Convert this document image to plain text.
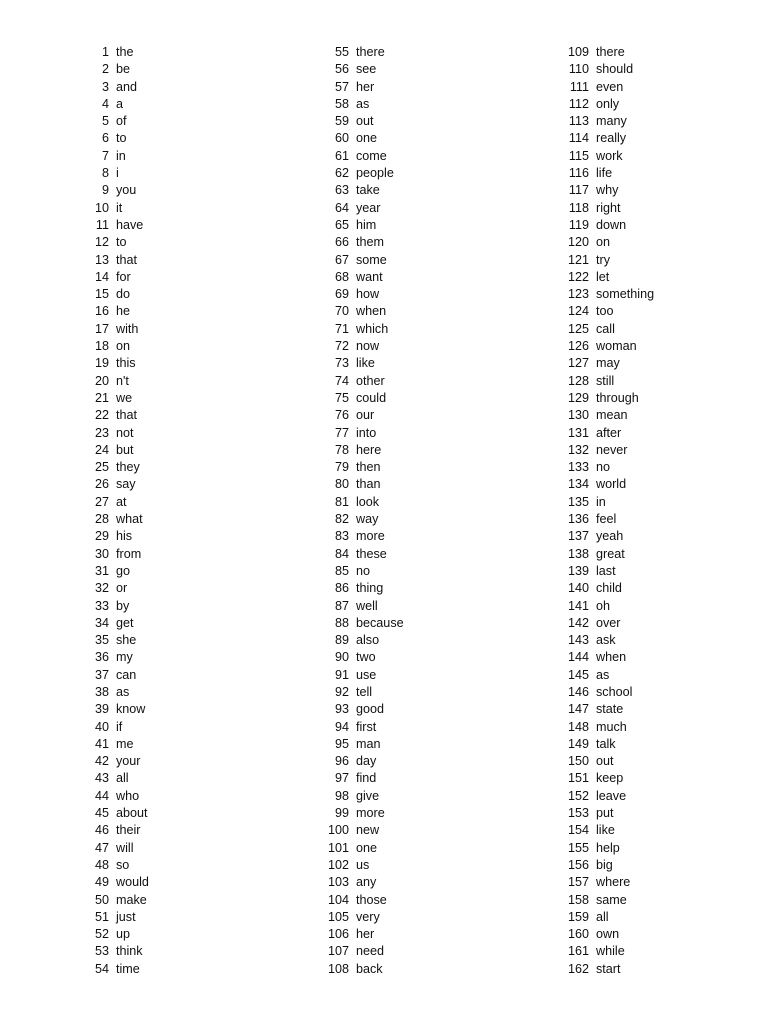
1 the
2 be
3 and
4 a
5 of
6 to
7 in
8 i
9 you
10 it
11 have
12 to
13 that
14 for
15 do
16 he
17 with
18 on
19 this
20 n't
21 we
22 that
23 not
24 but
25 they
26 say
27 at
28 what
29 his
30 from
31 go
32 or
33 by
34 get
35 she
36 my
37 can
38 as
39 know
40 if
41 me
42 your
43 all
44 who
45 about
46 their
47 will
48 so
49 would
50 make
51 just
52 up
53 think
54 time
55 there
56 see
57 her
58 as
59 out
60 one
61 come
62 people
63 take
64 year
65 him
66 them
67 some
68 want
69 how
70 when
71 which
72 now
73 like
74 other
75 could
76 our
77 into
78 here
79 then
80 than
81 look
82 way
83 more
84 these
85 no
86 thing
87 well
88 because
89 also
90 two
91 use
92 tell
93 good
94 first
95 man
96 day
97 find
98 give
99 more
100 new
101 one
102 us
103 any
104 those
105 very
106 her
107 need
108 back
109 there
110 should
111 even
112 only
113 many
114 really
115 work
116 life
117 why
118 right
119 down
120 on
121 try
122 let
123 something
124 too
125 call
126 woman
127 may
128 still
129 through
130 mean
131 after
132 never
133 no
134 world
135 in
136 feel
137 yeah
138 great
139 last
140 child
141 oh
142 over
143 ask
144 when
145 as
146 school
147 state
148 much
149 talk
150 out
151 keep
152 leave
153 put
154 like
155 help
156 big
157 where
158 same
159 all
160 own
161 while
162 start
